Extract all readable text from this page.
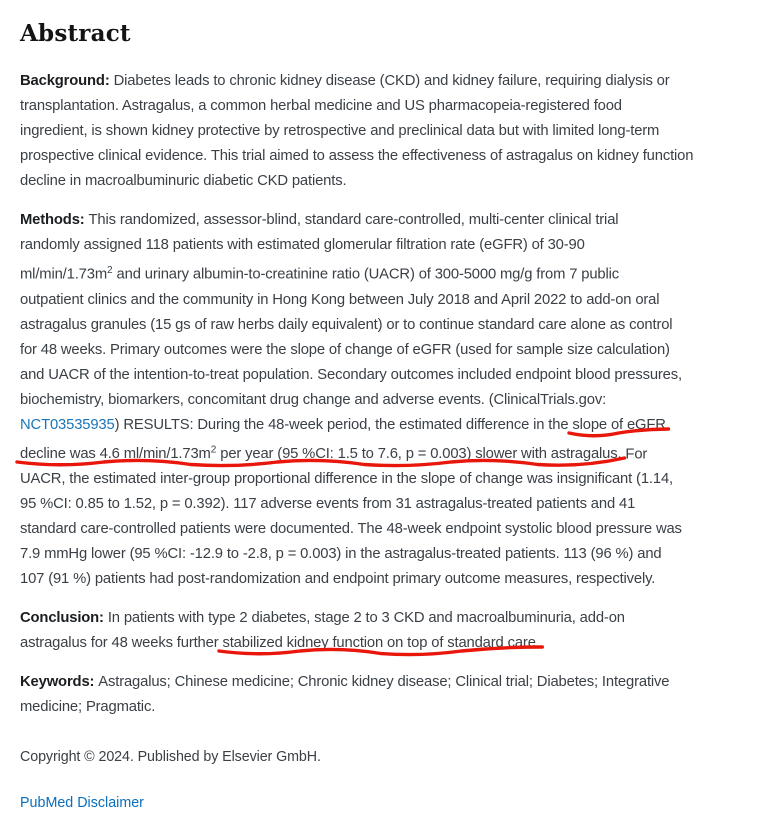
Abstract
Background: Diabetes leads to chronic kidney disease (CKD) and kidney failure, requiring dialysis or
transplantation. Astragalus, a common herbal medicine and US pharmacopeia-registered food
ingredient, is shown kidney protective by retrospective and preclinical data but with limited long-term
prospective clinical evidence. This trial aimed to assess the effectiveness of astragalus on kidney function
decline in macroalbuminuric diabetic CKD patients.
Methods: This randomized, assessor-blind, standard care-controlled, multi-center clinical trial
randomly assigned 118 patients with estimated glomerular filtration rate (eGFR) of 30-90
$ml/\min/1.73m^2$ and urinary albumin-to-creatinine ratio (UACR) of 300-5000 mg/g from 7 public
outpatient clinics and the community in Hong Kong between July 2018 and April 2022 to add-on oral
astragalus granules (15 gs of raw herbs daily equivalent) or to continue standard care alone as control
for 48 weeks. Primary outcomes were the slope of change of eGFR (used for sample size calculation)
and UACR of the intention-to-treat population. Secondary outcomes included endpoint blood pressures,
biochemistry, biomarkers, concomitant drug change and adverse events. (ClinicalTrials.gov:
NCT03535935) RESULTS: During the 48-week period, the estimated difference in the slope of eGFR
decline was 4.6 $ml/\min/1.73m^2$ per year (95 %CI: 1.5 to 7.6, p = 0.003) slower with astragalus.
For
UACR, the estimated inter-group proportional difference in the slope of change was insignificant (1.14,
95 %CI: 0.85 to 1.52, p = 0.392). 117 adverse events from 31 astragalus-treated patients and 41
standard care-controlled patients were documented. The 48-week endpoint systolic blood pressure was
7.9 mmHg lower (95 %CI: -12.9 to -2.8, p = 0.003) in the astragalus-treated patients. 113 (96 %) and
107 (91 %) patients had post-randomization and endpoint primary outcome measures, respectively.
Conclusion: In patients with type 2 diabetes, stage 2 to 3 CKD and macroalbuminuria, add-on
astragalus for 48 weeks further stabilized kidney function on top of standard care.
Keywords: Astragalus; Chinese medicine; Chronic kidney disease; Clinical trial; Diabetes; Integrative
medicine; Pragmatic.

Copyright © 2024. Published by Elsevier GmbH.

PubMed Disclaimer
